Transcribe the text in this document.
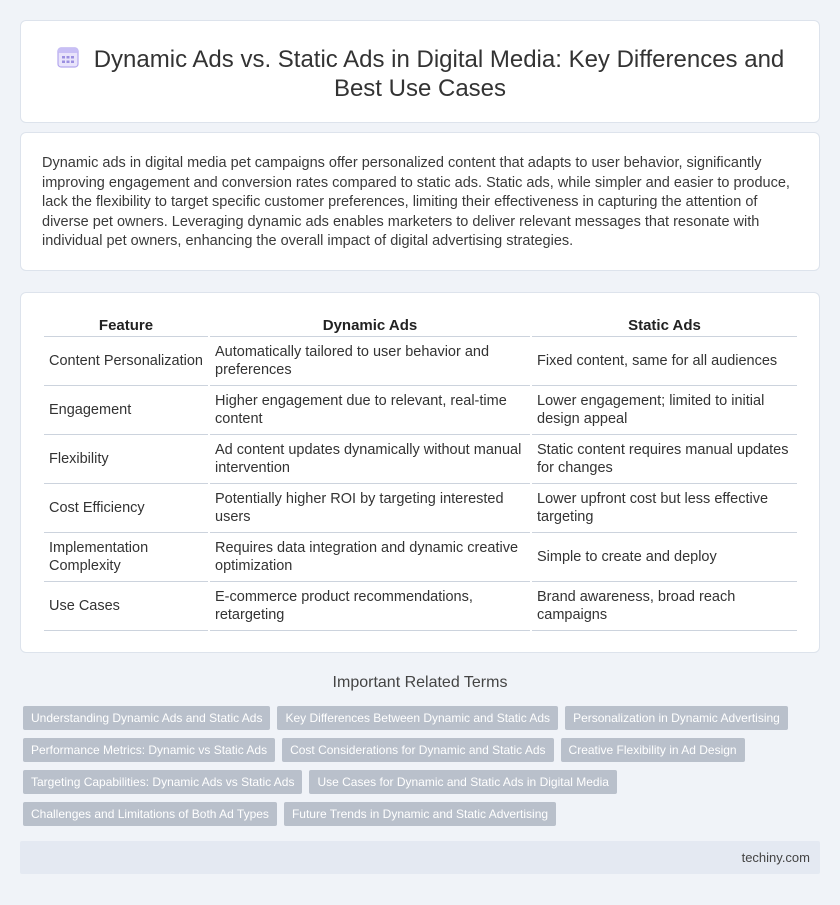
Dynamic Ads vs. Static Ads in Digital Media: Key Differences and
Best Use Cases

Dynamic ads in digital media pet campaigns offer personalized content that adapts to user behavior, significantly improving engagement and conversion rates compared to static ads. Static ads, while simpler and easier to produce, lack the flexibility to target specific customer preferences, limiting their effectiveness in capturing the attention of diverse pet owners. Leveraging dynamic ads enables marketers to deliver relevant messages that resonate with individual pet owners, enhancing the overall impact of digital advertising strategies.

Feature	Dynamic Ads	Static Ads
Content Personalization	Automatically tailored to user behavior and preferences	Fixed content, same for all audiences
Engagement	Higher engagement due to relevant, real-time content	Lower engagement; limited to initial design appeal
Flexibility	Ad content updates dynamically without manual intervention	Static content requires manual updates for changes
Cost Efficiency	Potentially higher ROI by targeting interested users	Lower upfront cost but less effective targeting
Implementation Complexity	Requires data integration and dynamic creative optimization	Simple to create and deploy
Use Cases	E-commerce product recommendations, retargeting	Brand awareness, broad reach campaigns
Important Related Terms
Understanding Dynamic Ads and Static Ads	Key Differences Between Dynamic and Static Ads	Personalization in Dynamic Advertising
Performance Metrics: Dynamic vs Static Ads	Cost Considerations for Dynamic and Static Ads	Creative Flexibility in Ad Design
Targeting Capabilities: Dynamic Ads vs Static Ads	Use Cases for Dynamic and Static Ads in Digital Media
Challenges and Limitations of Both Ad Types	Future Trends in Dynamic and Static Advertising
techiny.com
